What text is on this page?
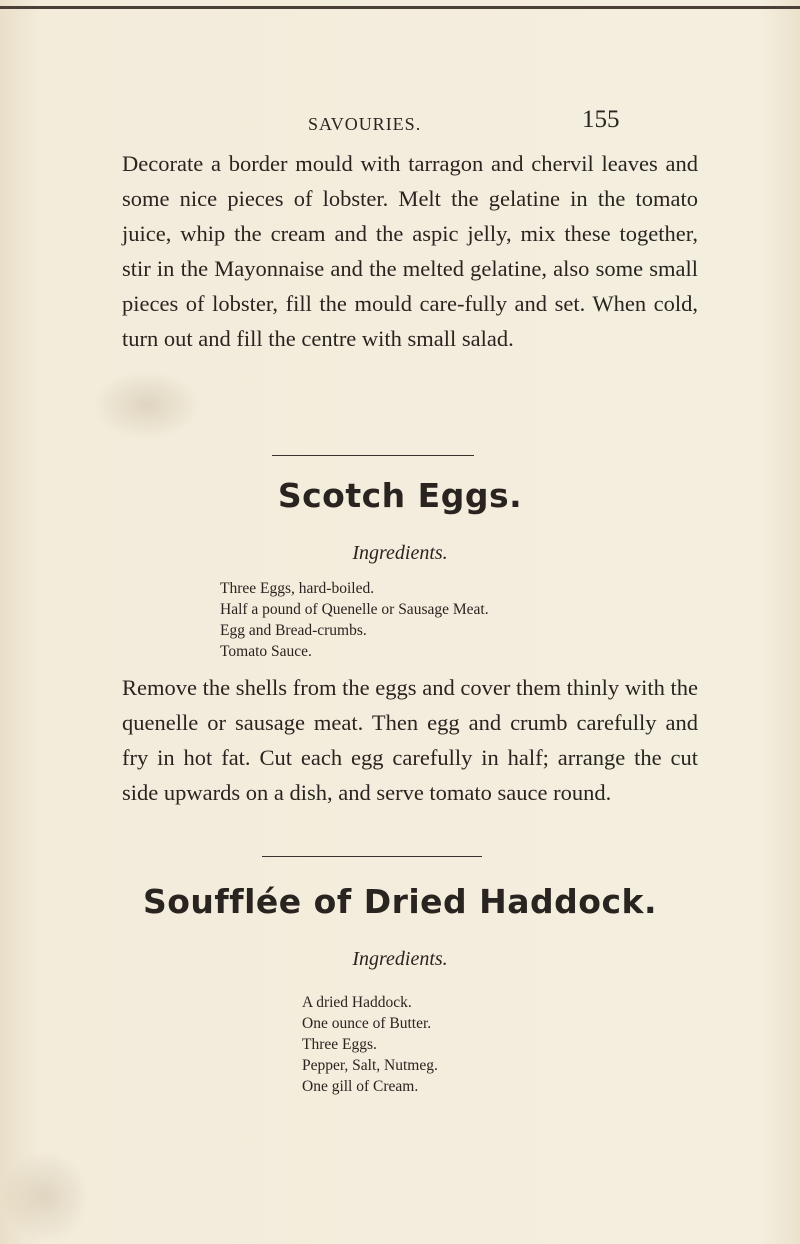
SAVOURIES.	155

Decorate a border mould with tarragon and chervil leaves and some nice pieces of lobster. Melt the gelatine in the tomato juice, whip the cream and the aspic jelly, mix these together, stir in the Mayonnaise and the melted gelatine, also some small pieces of lobster, fill the mould care-fully and set. When cold, turn out and fill the centre with small salad.

Scotch Eggs.
Ingredients.
Three Eggs, hard-boiled.
Half a pound of Quenelle or Sausage Meat.
Egg and Bread-crumbs.
Tomato Sauce.

Remove the shells from the eggs and cover them thinly with the quenelle or sausage meat. Then egg and crumb carefully and fry in hot fat. Cut each egg carefully in half; arrange the cut side upwards on a dish, and serve tomato sauce round.

Soufflée of Dried Haddock.
Ingredients.
A dried Haddock.
One ounce of Butter.
Three Eggs.
Pepper, Salt, Nutmeg.
One gill of Cream.
